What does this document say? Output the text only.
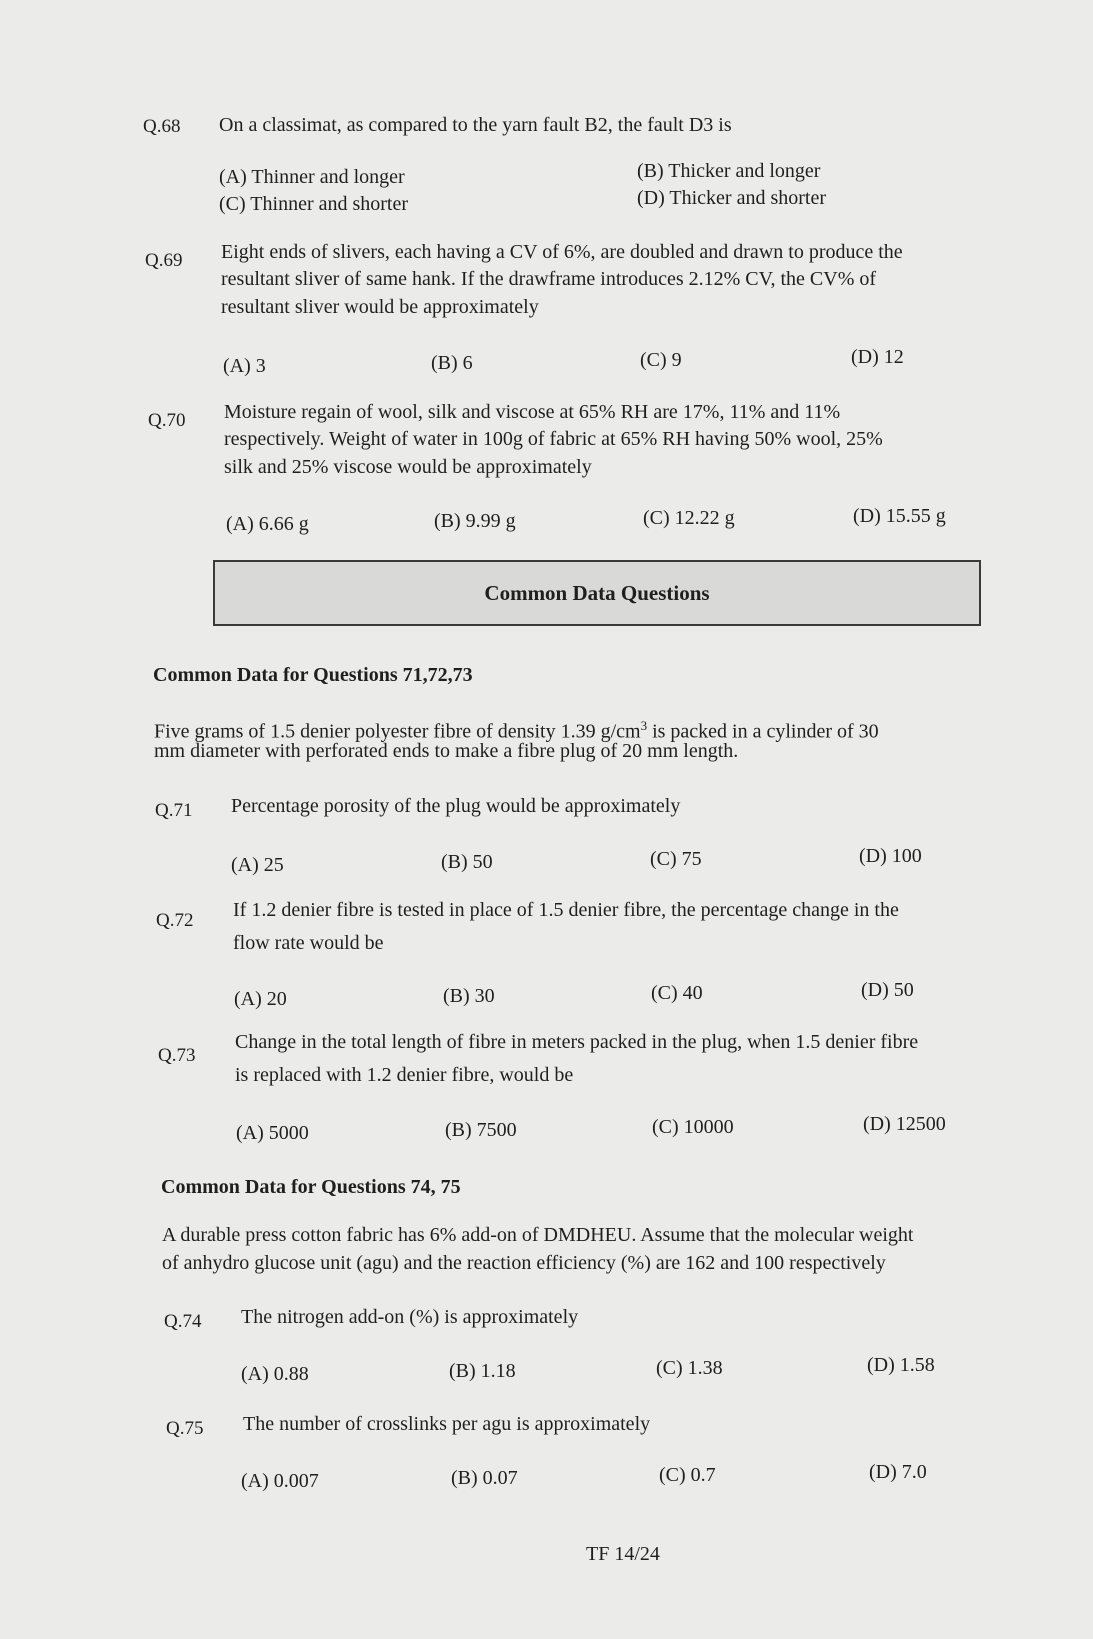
Q.68 On a classimat, as compared to the yarn fault B2, the fault D3 is
(A) Thinner and longer	(B) Thicker and longer
(C) Thinner and shorter	(D) Thicker and shorter
Q.69 Eight ends of slivers, each having a CV of 6%, are doubled and drawn to produce the
resultant sliver of same hank. If the drawframe introduces 2.12% CV, the CV% of
resultant sliver would be approximately
(A) 3	(B) 6	(C) 9	(D) 12
Q.70 Moisture regain of wool, silk and viscose at 65% RH are 17%, 11% and 11%
respectively. Weight of water in 100g of fabric at 65% RH having 50% wool, 25%
silk and 25% viscose would be approximately
(A) 6.66 g	(B) 9.99 g	(C) 12.22 g	(D) 15.55 g
Common Data Questions
Common Data for Questions 71,72,73
Five grams of 1.5 denier polyester fibre of density 1.39 $g/cm^3$ is packed in a cylinder of 30
mm diameter with perforated ends to make a fibre plug of 20 mm length.
Q.71 Percentage porosity of the plug would be approximately
(A) 25	(B) 50	(C) 75	(D) 100
Q.72 If 1.2 denier fibre is tested in place of 1.5 denier fibre, the percentage change in the
flow rate would be
(A) 20	(B) 30	(C) 40	(D) 50
Q.73
Change in the total length of fibre in meters packed in the plug, when 1.5 denier fibre
is replaced with 1.2 denier fibre, would be
(A) 5000	(B) 7500	(C) 10000	(D) 12500
Common Data for Questions 74, 75
A durable press cotton fabric has 6% add-on of DMDHEU. Assume that the molecular weight
of anhydro glucose unit (agu) and the reaction efficiency (%) are 162 and 100 respectively
Q.74 The nitrogen add-on (%) is approximately
(A) 0.88	(B) 1.18	(C) 1.38	(D) 1.58
Q.75 The number of crosslinks per agu is approximately
(A) 0.007	(B) 0.07	(C) 0.7	(D) 7.0
TF 14/24
